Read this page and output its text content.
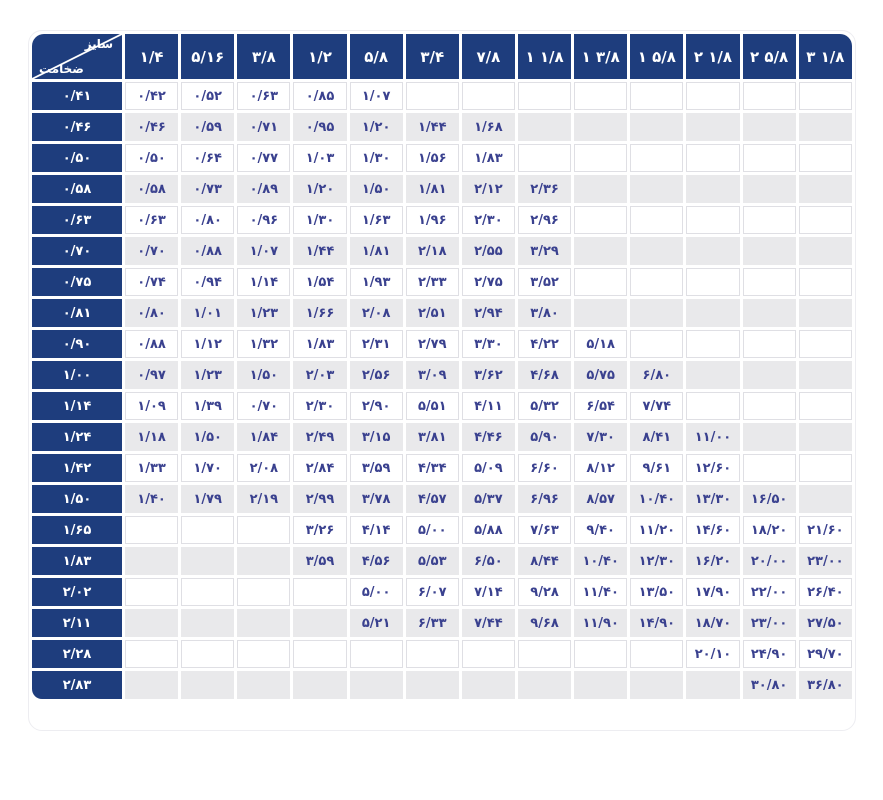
سایز
ضخامت	۱/۴	۵/۱۶	۳/۸	۱/۲	۵/۸	۳/۴	۷/۸	۱ ۱/۸	۱ ۳/۸	۱ ۵/۸	۲ ۱/۸	۲ ۵/۸	۳ ۱/۸
۰/۴۱	۰/۴۲	۰/۵۲	۰/۶۳	۰/۸۵	۱/۰۷								
۰/۴۶	۰/۴۶	۰/۵۹	۰/۷۱	۰/۹۵	۱/۲۰	۱/۴۴	۱/۶۸						
۰/۵۰	۰/۵۰	۰/۶۴	۰/۷۷	۱/۰۳	۱/۳۰	۱/۵۶	۱/۸۳						
۰/۵۸	۰/۵۸	۰/۷۳	۰/۸۹	۱/۲۰	۱/۵۰	۱/۸۱	۲/۱۲	۲/۳۶					
۰/۶۳	۰/۶۳	۰/۸۰	۰/۹۶	۱/۳۰	۱/۶۳	۱/۹۶	۲/۳۰	۲/۹۶					
۰/۷۰	۰/۷۰	۰/۸۸	۱/۰۷	۱/۴۴	۱/۸۱	۲/۱۸	۲/۵۵	۳/۲۹					
۰/۷۵	۰/۷۴	۰/۹۴	۱/۱۴	۱/۵۴	۱/۹۳	۲/۳۳	۲/۷۵	۳/۵۲					
۰/۸۱	۰/۸۰	۱/۰۱	۱/۲۳	۱/۶۶	۲/۰۸	۲/۵۱	۲/۹۴	۳/۸۰					
۰/۹۰	۰/۸۸	۱/۱۲	۱/۳۲	۱/۸۳	۲/۳۱	۲/۷۹	۳/۳۰	۴/۲۲	۵/۱۸				
۱/۰۰	۰/۹۷	۱/۲۳	۱/۵۰	۲/۰۳	۲/۵۶	۳/۰۹	۳/۶۲	۴/۶۸	۵/۷۵	۶/۸۰			
۱/۱۴	۱/۰۹	۱/۳۹	۰/۷۰	۲/۳۰	۲/۹۰	۵/۵۱	۴/۱۱	۵/۳۲	۶/۵۴	۷/۷۴			
۱/۲۴	۱/۱۸	۱/۵۰	۱/۸۴	۲/۴۹	۳/۱۵	۳/۸۱	۴/۴۶	۵/۹۰	۷/۳۰	۸/۴۱	۱۱/۰۰		
۱/۴۲	۱/۳۳	۱/۷۰	۲/۰۸	۲/۸۴	۳/۵۹	۴/۳۴	۵/۰۹	۶/۶۰	۸/۱۲	۹/۶۱	۱۲/۶۰		
۱/۵۰	۱/۴۰	۱/۷۹	۲/۱۹	۲/۹۹	۳/۷۸	۴/۵۷	۵/۳۷	۶/۹۶	۸/۵۷	۱۰/۴۰	۱۳/۳۰	۱۶/۵۰	
۱/۶۵				۳/۲۶	۴/۱۴	۵/۰۰	۵/۸۸	۷/۶۳	۹/۴۰	۱۱/۲۰	۱۴/۶۰	۱۸/۲۰	۲۱/۶۰
۱/۸۳				۳/۵۹	۴/۵۶	۵/۵۳	۶/۵۰	۸/۴۴	۱۰/۴۰	۱۲/۳۰	۱۶/۲۰	۲۰/۰۰	۲۳/۰۰
۲/۰۲					۵/۰۰	۶/۰۷	۷/۱۴	۹/۲۸	۱۱/۴۰	۱۳/۵۰	۱۷/۹۰	۲۲/۰۰	۲۶/۴۰
۲/۱۱					۵/۲۱	۶/۳۳	۷/۴۴	۹/۶۸	۱۱/۹۰	۱۴/۹۰	۱۸/۷۰	۲۳/۰۰	۲۷/۵۰
۲/۲۸											۲۰/۱۰	۲۴/۹۰	۲۹/۷۰
۲/۸۳												۳۰/۸۰	۳۶/۸۰
